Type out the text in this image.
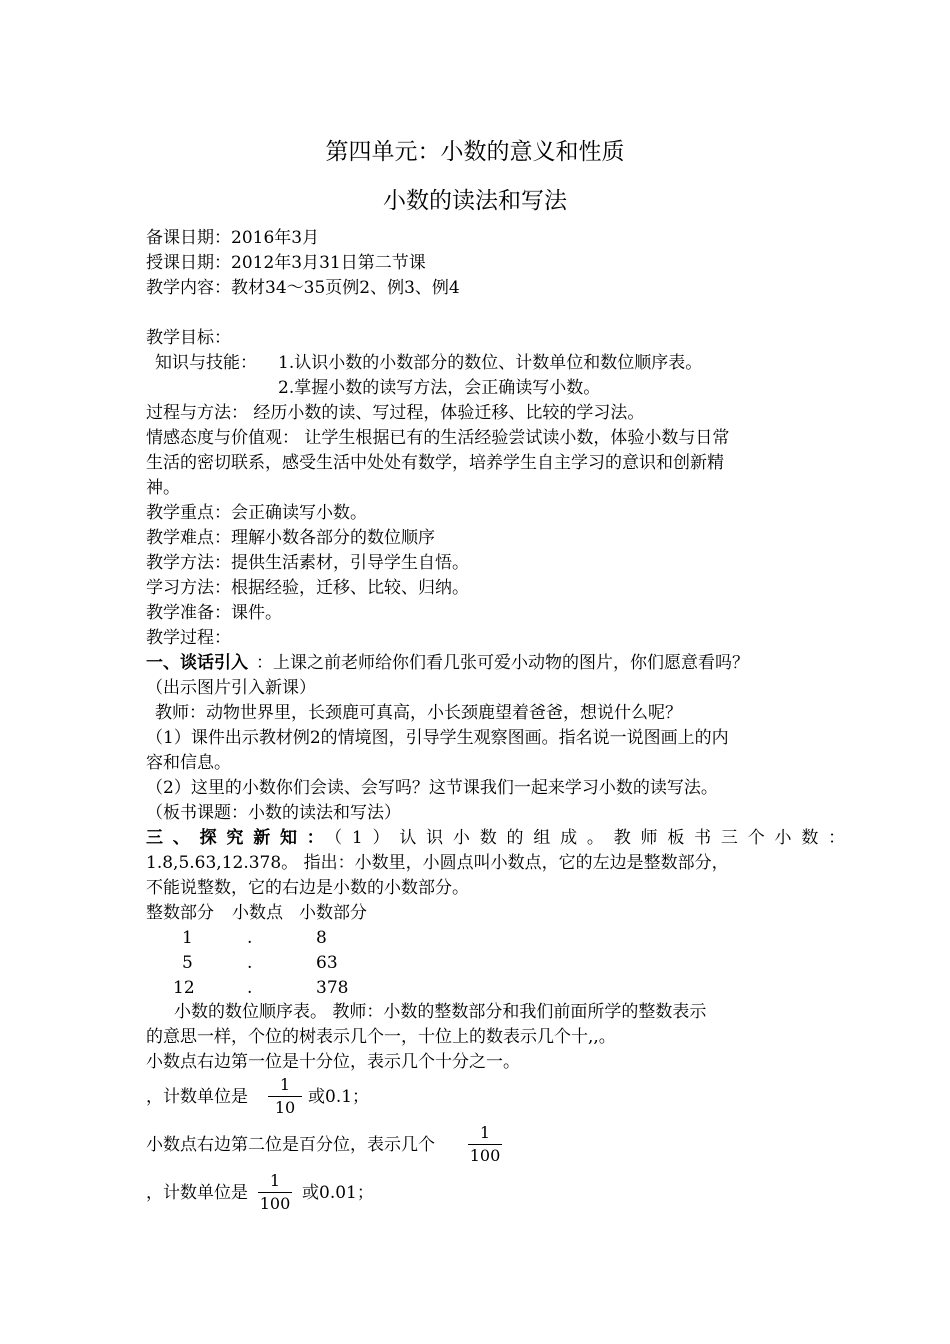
第四单元：小数的意义和性质
小数的读法和写法
备课日期：2016年3月
授课日期：2012年3月31日第二节课
教学内容：教材34～35页例2、例3、例4
教学目标：
知识与技能： 1.认识小数的小数部分的数位、计数单位和数位顺序表。
2.掌握小数的读写方法，会正确读写小数。
过程与方法： 经历小数的读、写过程，体验迁移、比较的学习法。
情感态度与价值观： 让学生根据已有的生活经验尝试读小数，体验小数与日常
生活的密切联系，感受生活中处处有数学，培养学生自主学习的意识和创新精
神。
教学重点：会正确读写小数。
教学难点：理解小数各部分的数位顺序
教学方法：提供生活素材，引导学生自悟。
学习方法：根据经验，迁移、比较、归纳。
教学准备：课件。
教学过程：
一、谈话引入 ：上课之前老师给你们看几张可爱小动物的图片，你们愿意看吗？
（出示图片引入新课）
教师：动物世界里，长颈鹿可真高，小长颈鹿望着爸爸，想说什么呢？
（1）课件出示教材例2的情境图，引导学生观察图画。指名说一说图画上的内
容和信息。
（2）这里的小数你们会读、会写吗？这节课我们一起来学习小数的读写法。
（板书课题：小数的读法和写法）
三、探究新知：（1）认识小数的组成。教师板书三个小数：
1.8,5.63,12.378。 指出：小数里，小圆点叫小数点，它的左边是整数部分，
不能说整数，它的右边是小数的小数部分。
整数部分 小数点 小数部分
1	.	8
5	.	63
12	.	378
小数的数位顺序表。 教师：小数的整数部分和我们前面所学的整数表示
的意思一样，个位的树表示几个一，十位上的数表示几个十,,。
小数点右边第一位是十分位，表示几个十分之一。
，计数单位是
1
10
或0.1；
小数点右边第二位是百分位，表示几个
1
100
，计数单位是
1
100
或0.01；
